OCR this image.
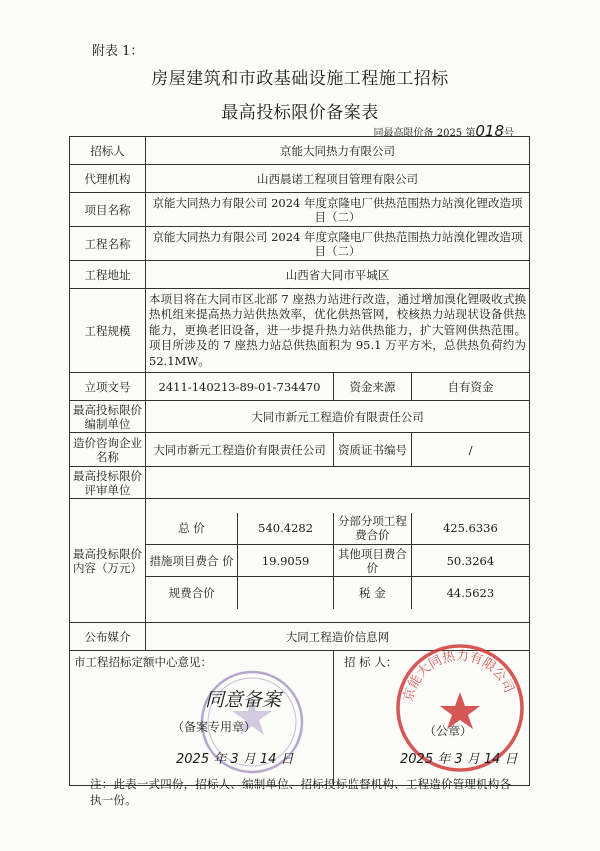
附表 1：
房屋建筑和市政基础设施工程施工招标
最高投标限价备案表
同最高限价备 2025 第018号
招标人	京能大同热力有限公司
代理机构	山西晨诺工程项目管理有限公司
项目名称	京能大同热力有限公司 2024 年度京隆电厂供热范围热力站溴化锂改造项目（二）
工程名称	京能大同热力有限公司 2024 年度京隆电厂供热范围热力站溴化锂改造项目（二）
工程地址	山西省大同市平城区
工程规模	本项目将在大同市区北部 7 座热力站进行改造，通过增加溴化锂吸收式换热机组来提高热力站供热效率，优化供热管网，校核热力站现状设备供热能力，更换老旧设备，进一步提升热力站供热能力，扩大管网供热范围。项目所涉及的 7 座热力站总供热面积为 95.1 万平方米，总供热负荷约为 52.1MW。
立项文号	2411-140213-89-01-734470	资金来源	自有资金
最高投标限价编制单位	大同市新元工程造价有限责任公司
造价咨询企业名称	大同市新元工程造价有限责任公司	资质证书编号	/
最高投标限价评审单位	
最高投标限价内容（万元）	
总 价	540.4282	分部分项工程费合价	425.6336
措施项目费合 价	19.9059	其他项目费合 价	50.3264
规费合价		税 金	44.5623

公布媒介	大同工程造价信息网

市工程招标定额中心意见：	招 标 人：
同意备案
（备案专用章）
2025 年 3 月 14 日
京能大同热力有限公司
（公章）
2025 年 3 月 14 日
注：此表一式四份，招标人、编制单位、招标投标监督机构、工程造价管理机构各执一份。
